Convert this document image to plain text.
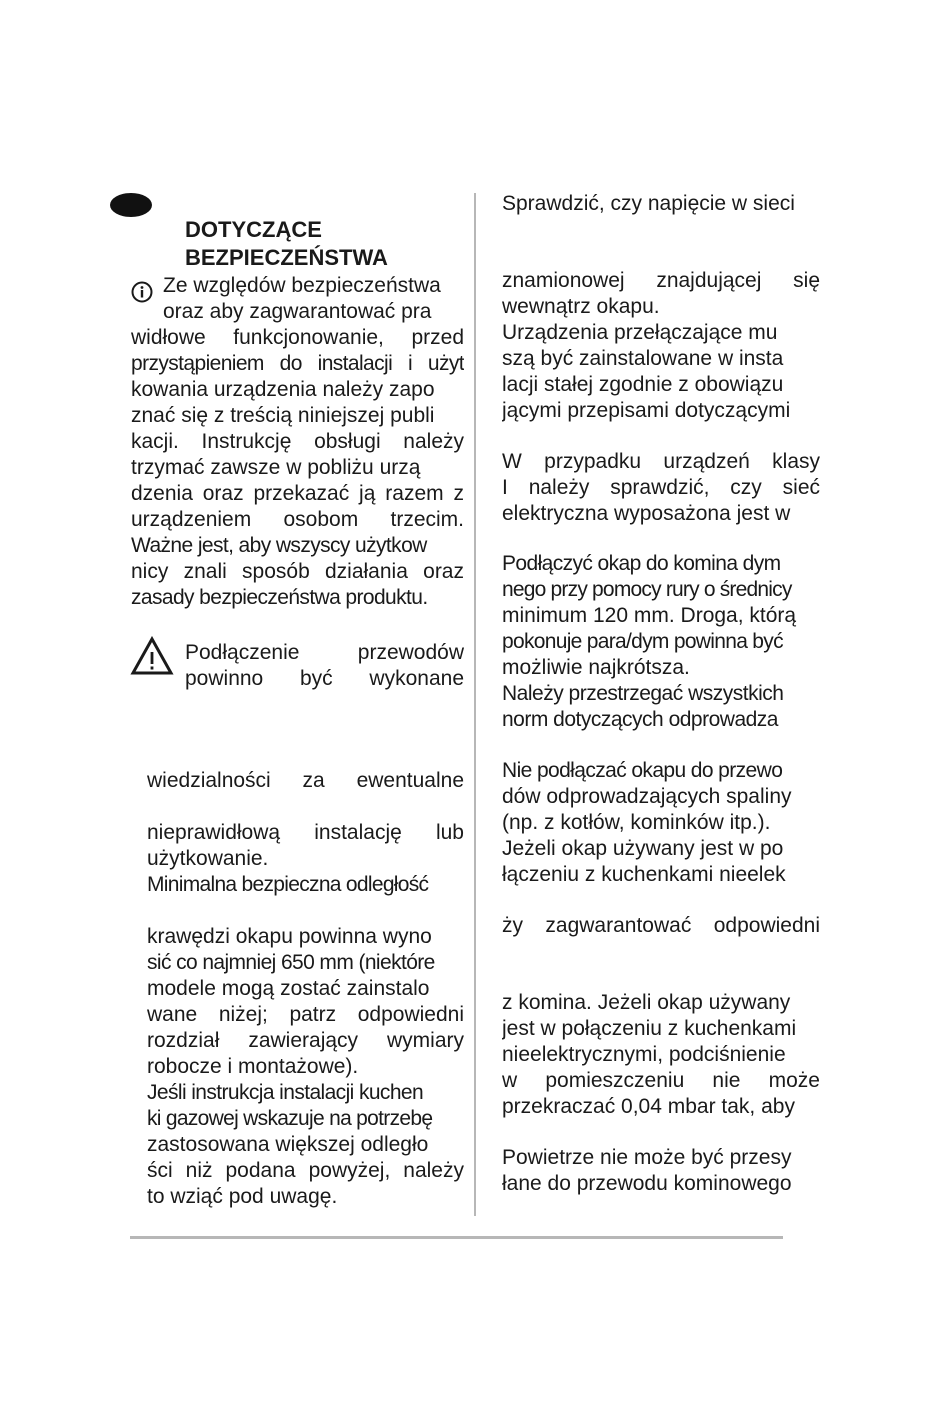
DOTYCZĄCE
BEZPIECZEŃSTWA
Ze względów bezpieczeństwa
oraz aby zagwarantować pra
widłowe funkcjonowanie, przed
przystąpieniem do instalacji i użyt
kowania urządzenia należy zapo
znać się z treścią niniejszej publi
kacji. Instrukcję obsługi należy
trzymać zawsze w pobliżu urzą
dzenia oraz przekazać ją razem z
urządzeniem osobom trzecim.
Ważne jest, aby wszyscy użytkow
nicy znali sposób działania oraz
zasady bezpieczeństwa produktu.
Podłączenie przewodów
powinno być wykonane
wiedzialności za ewentualne
nieprawidłową instalację lub
użytkowanie.
Minimalna bezpieczna odległość
krawędzi okapu powinna wyno
sić co najmniej 650 mm (niektóre
modele mogą zostać zainstalo
wane niżej; patrz odpowiedni
rozdział zawierający wymiary
robocze i montażowe).
Jeśli instrukcja instalacji kuchen
ki gazowej wskazuje na potrzebę
zastosowana większej odległo
ści niż podana powyżej, należy
to wziąć pod uwagę.
Sprawdzić, czy napięcie w sieci
znamionowej znajdującej się
wewnątrz okapu.
Urządzenia przełączające mu
szą być zainstalowane w insta
lacji stałej zgodnie z obowiązu
jącymi przepisami dotyczącymi
W przypadku urządzeń klasy
I należy sprawdzić, czy sieć
elektryczna wyposażona jest w
Podłączyć okap do komina dym
nego przy pomocy rury o średnicy
minimum 120 mm. Droga, którą
pokonuje para/dym powinna być
możliwie najkrótsza.
Należy przestrzegać wszystkich
norm dotyczących odprowadza
Nie podłączać okapu do przewo
dów odprowadzających spaliny
(np. z kotłów, kominków itp.).
Jeżeli okap używany jest w po
łączeniu z kuchenkami nieelek
ży zagwarantować odpowiedni
z komina. Jeżeli okap używany
jest w połączeniu z kuchenkami
nieelektrycznymi, podciśnienie
w pomieszczeniu nie może
przekraczać 0,04 mbar tak, aby
Powietrze nie może być przesy
łane do przewodu kominowego
